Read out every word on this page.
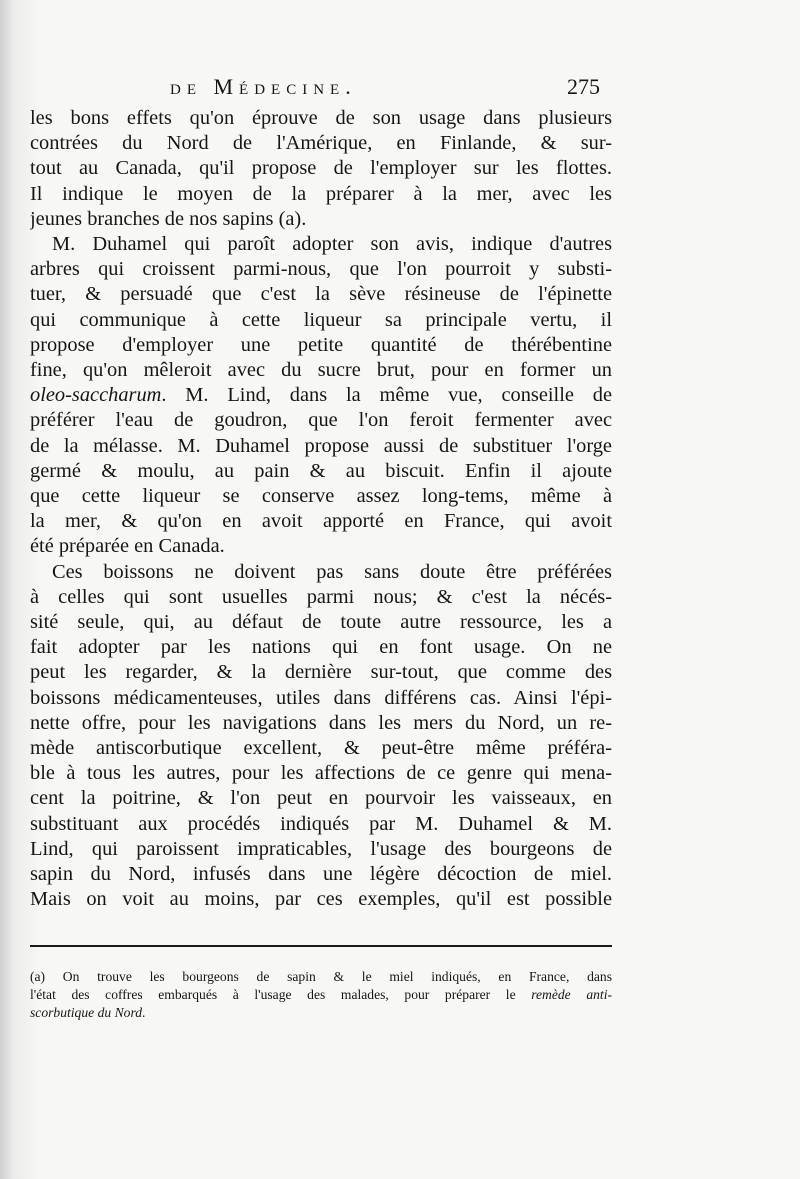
de Médecine.	275
les bons effets qu'on éprouve de son usage dans plusieurs
contrées du Nord de l'Amérique, en Finlande, & sur-
tout au Canada, qu'il propose de l'employer sur les flottes.
Il indique le moyen de la préparer à la mer, avec les
jeunes branches de nos sapins (a).
M. Duhamel qui paroît adopter son avis, indique d'autres
arbres qui croissent parmi-nous, que l'on pourroit y substi-
tuer, & persuadé que c'est la sève résineuse de l'épinette
qui communique à cette liqueur sa principale vertu, il
propose d'employer une petite quantité de thérébentine
fine, qu'on mêleroit avec du sucre brut, pour en former un
oleo-saccharum. M. Lind, dans la même vue, conseille de
préférer l'eau de goudron, que l'on feroit fermenter avec
de la mélasse. M. Duhamel propose aussi de substituer l'orge
germé & moulu, au pain & au biscuit. Enfin il ajoute
que cette liqueur se conserve assez long-tems, même à
la mer, & qu'on en avoit apporté en France, qui avoit
été préparée en Canada.
Ces boissons ne doivent pas sans doute être préférées
à celles qui sont usuelles parmi nous; & c'est la nécés-
sité seule, qui, au défaut de toute autre ressource, les a
fait adopter par les nations qui en font usage. On ne
peut les regarder, & la dernière sur-tout, que comme des
boissons médicamenteuses, utiles dans différens cas. Ainsi l'épi-
nette offre, pour les navigations dans les mers du Nord, un re-
mède antiscorbutique excellent, & peut-être même préféra-
ble à tous les autres, pour les affections de ce genre qui mena-
cent la poitrine, & l'on peut en pourvoir les vaisseaux, en
substituant aux procédés indiqués par M. Duhamel & M.
Lind, qui paroissent impraticables, l'usage des bourgeons de
sapin du Nord, infusés dans une légère décoction de miel.
Mais on voit au moins, par ces exemples, qu'il est possible
(a) On trouve les bourgeons de sapin & le miel indiqués, en France, dans
l'état des coffres embarqués à l'usage des malades, pour préparer le remède anti-
scorbutique du Nord.
